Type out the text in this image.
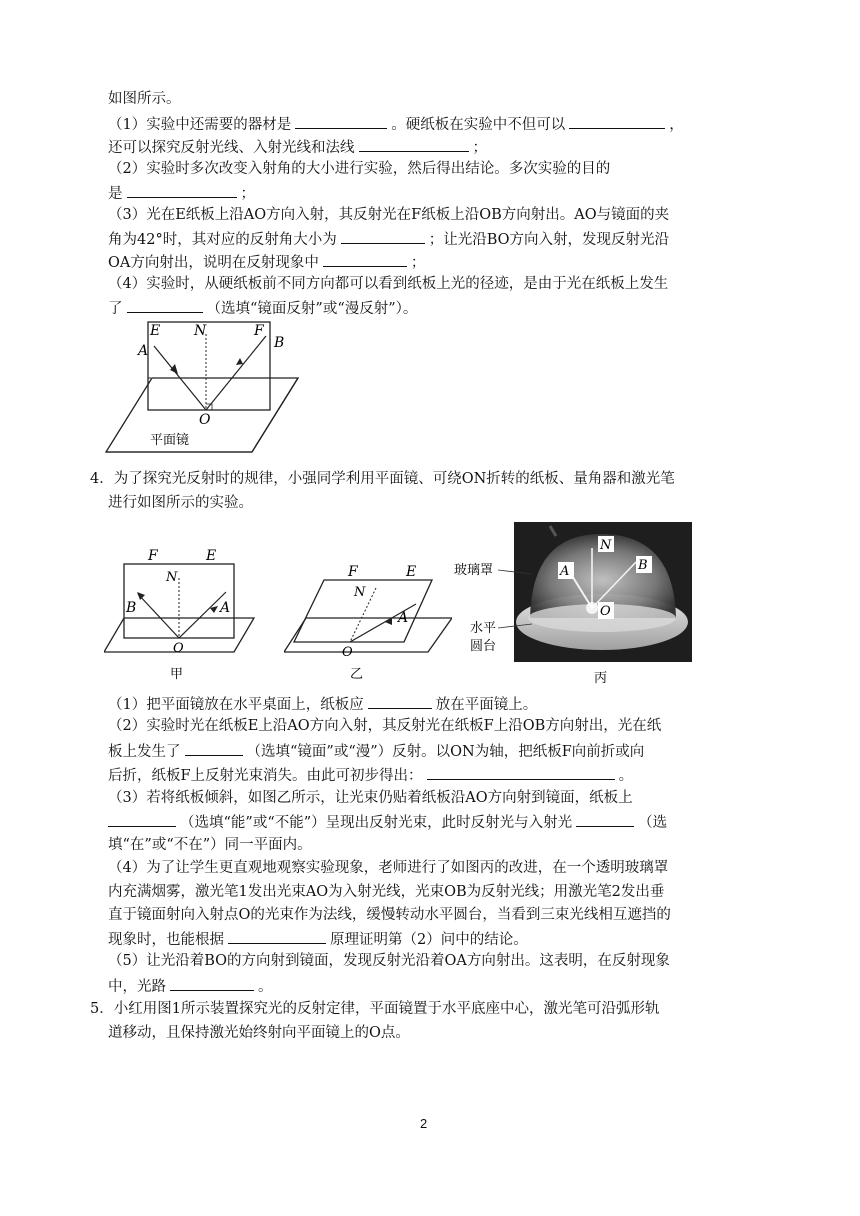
如图所示。
（1）实验中还需要的器材是	。硬纸板在实验中不但可以	，
还可以探究反射光线、入射光线和法线	；
（2）实验时多次改变入射角的大小进行实验，然后得出结论。多次实验的目的
是	；
（3）光在E纸板上沿AO方向入射，其反射光在F纸板上沿OB方向射出。AO与镜面的夹
角为42°时，其对应的反射角大小为	；让光沿BO方向入射，发现反射光沿
OA方向射出，说明在反射现象中	；
（4）实验时，从硬纸板前不同方向都可以看到纸板上光的径迹，是由于光在纸板上发生
了	（选填“镜面反射”或“漫反射”）。
E N	F
A	B
O
平面镜
4．为了探究光反射时的规律，小强同学利用平面镜、可绕ON折转的纸板、量角器和激光笔
进行如图所示的实验。
F	E
N
B	A
O
甲
F	E
N
A
O
乙
N
A	B
O
玻璃罩
水平
圆台
丙
（1）把平面镜放在水平桌面上，纸板应	放在平面镜上。
（2）实验时光在纸板E上沿AO方向入射，其反射光在纸板F上沿OB方向射出，光在纸
板上发生了	（选填“镜面”或“漫”）反射。以ON为轴，把纸板F向前折或向
后折，纸板F上反射光束消失。由此可初步得出：	。
（3）若将纸板倾斜，如图乙所示，让光束仍贴着纸板沿AO方向射到镜面，纸板上
（选填“能”或“不能”）呈现出反射光束，此时反射光与入射光	（选
填“在”或“不在”）同一平面内。
（4）为了让学生更直观地观察实验现象，老师进行了如图丙的改进，在一个透明玻璃罩
内充满烟雾，激光笔1发出光束AO为入射光线，光束OB为反射光线；用激光笔2发出垂
直于镜面射向入射点O的光束作为法线，缓慢转动水平圆台，当看到三束光线相互遮挡的
现象时，也能根据	原理证明第（2）问中的结论。
（5）让光沿着BO的方向射到镜面，发现反射光沿着OA方向射出。这表明，在反射现象
中，光路	。
5．小红用图1所示装置探究光的反射定律，平面镜置于水平底座中心，激光笔可沿弧形轨
道移动，且保持激光始终射向平面镜上的O点。
2
